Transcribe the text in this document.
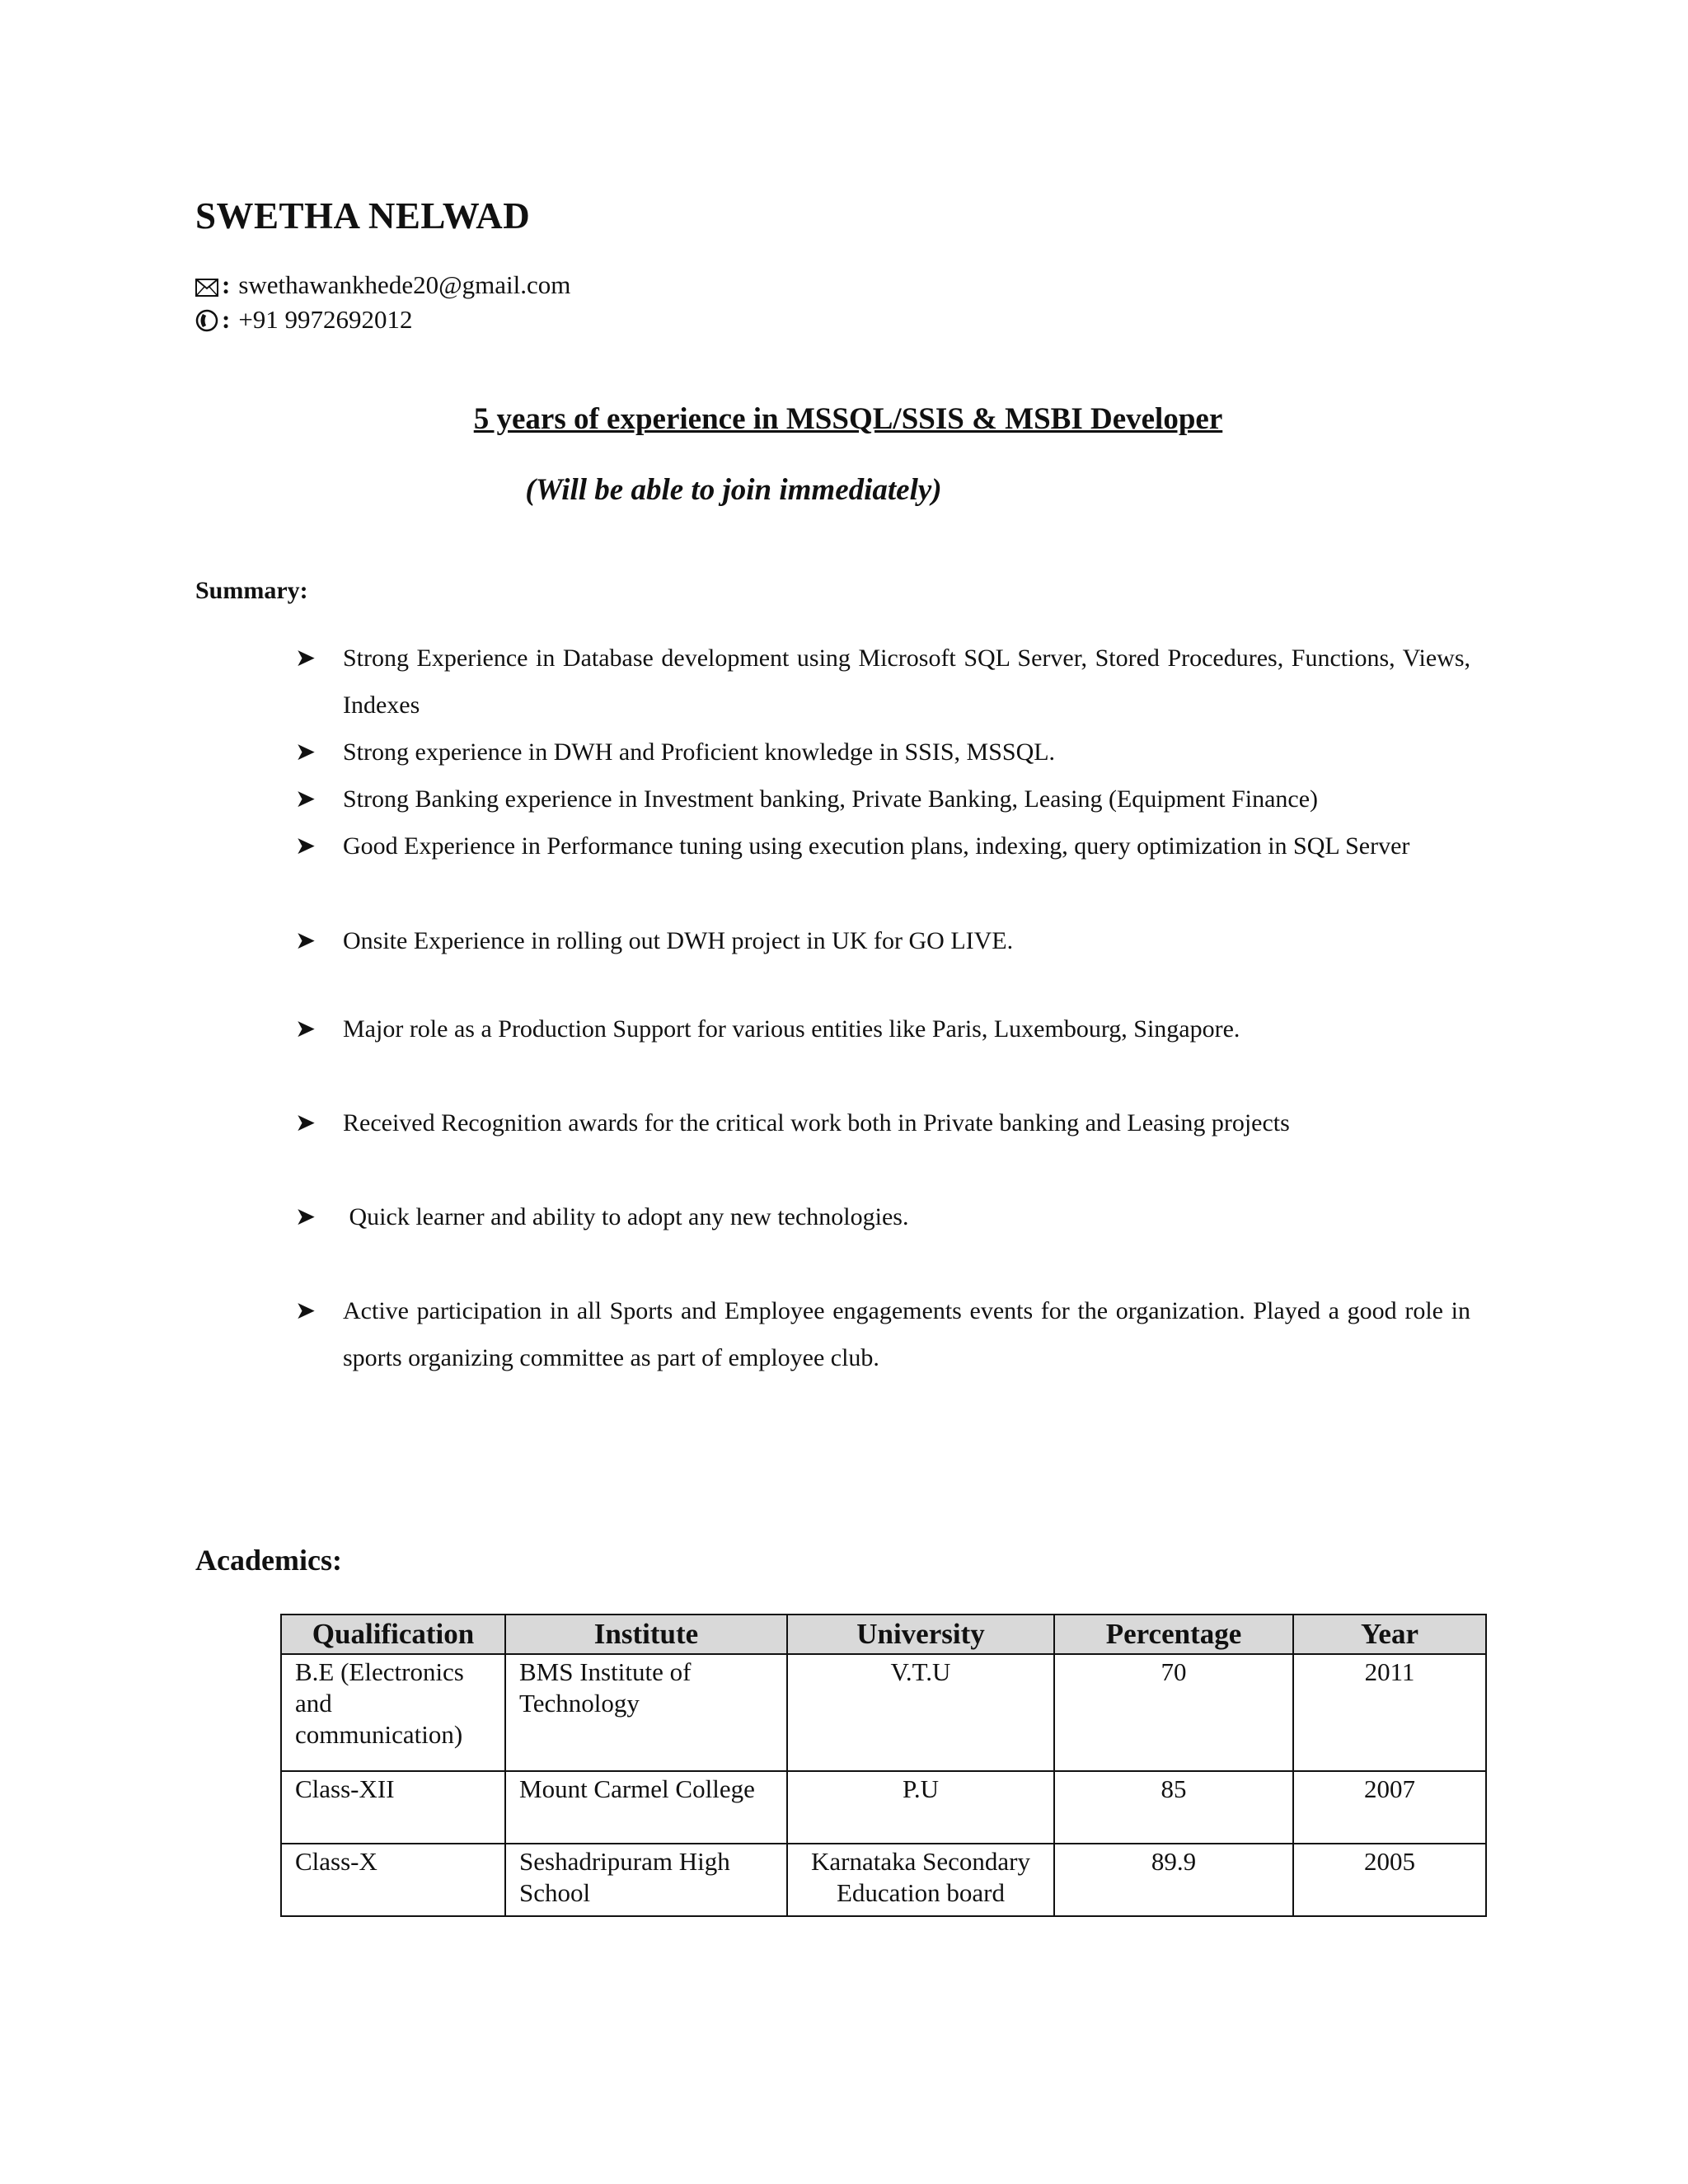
SWETHA NELWAD
: swethawankhede20@gmail.com
: +91 9972692012
5 years of experience in MSSQL/SSIS & MSBI Developer
(Will be able to join immediately)
Summary:
➤ Strong Experience in Database development using Microsoft SQL Server, Stored Procedures, Functions, Views, Indexes
➤ Strong experience in DWH and Proficient knowledge in SSIS, MSSQL.
➤ Strong Banking experience in Investment banking, Private Banking, Leasing (Equipment Finance)
➤ Good Experience in Performance tuning using execution plans, indexing, query optimization in SQL Server
➤ Onsite Experience in rolling out DWH project in UK for GO LIVE.
➤ Major role as a Production Support for various entities like Paris, Luxembourg, Singapore.
➤ Received Recognition awards for the critical work both in Private banking and Leasing projects
➤ Quick learner and ability to adopt any new technologies.
➤ Active participation in all Sports and Employee engagements events for the organization. Played a good role in sports organizing committee as part of employee club.
Academics:
Qualification	Institute	University	Percentage	Year
B.E (Electronics and communication)	BMS Institute of Technology	V.T.U	70	2011
Class-XII	Mount Carmel College	P.U	85	2007
Class-X	Seshadripuram High School	Karnataka Secondary Education board	89.9	2005
